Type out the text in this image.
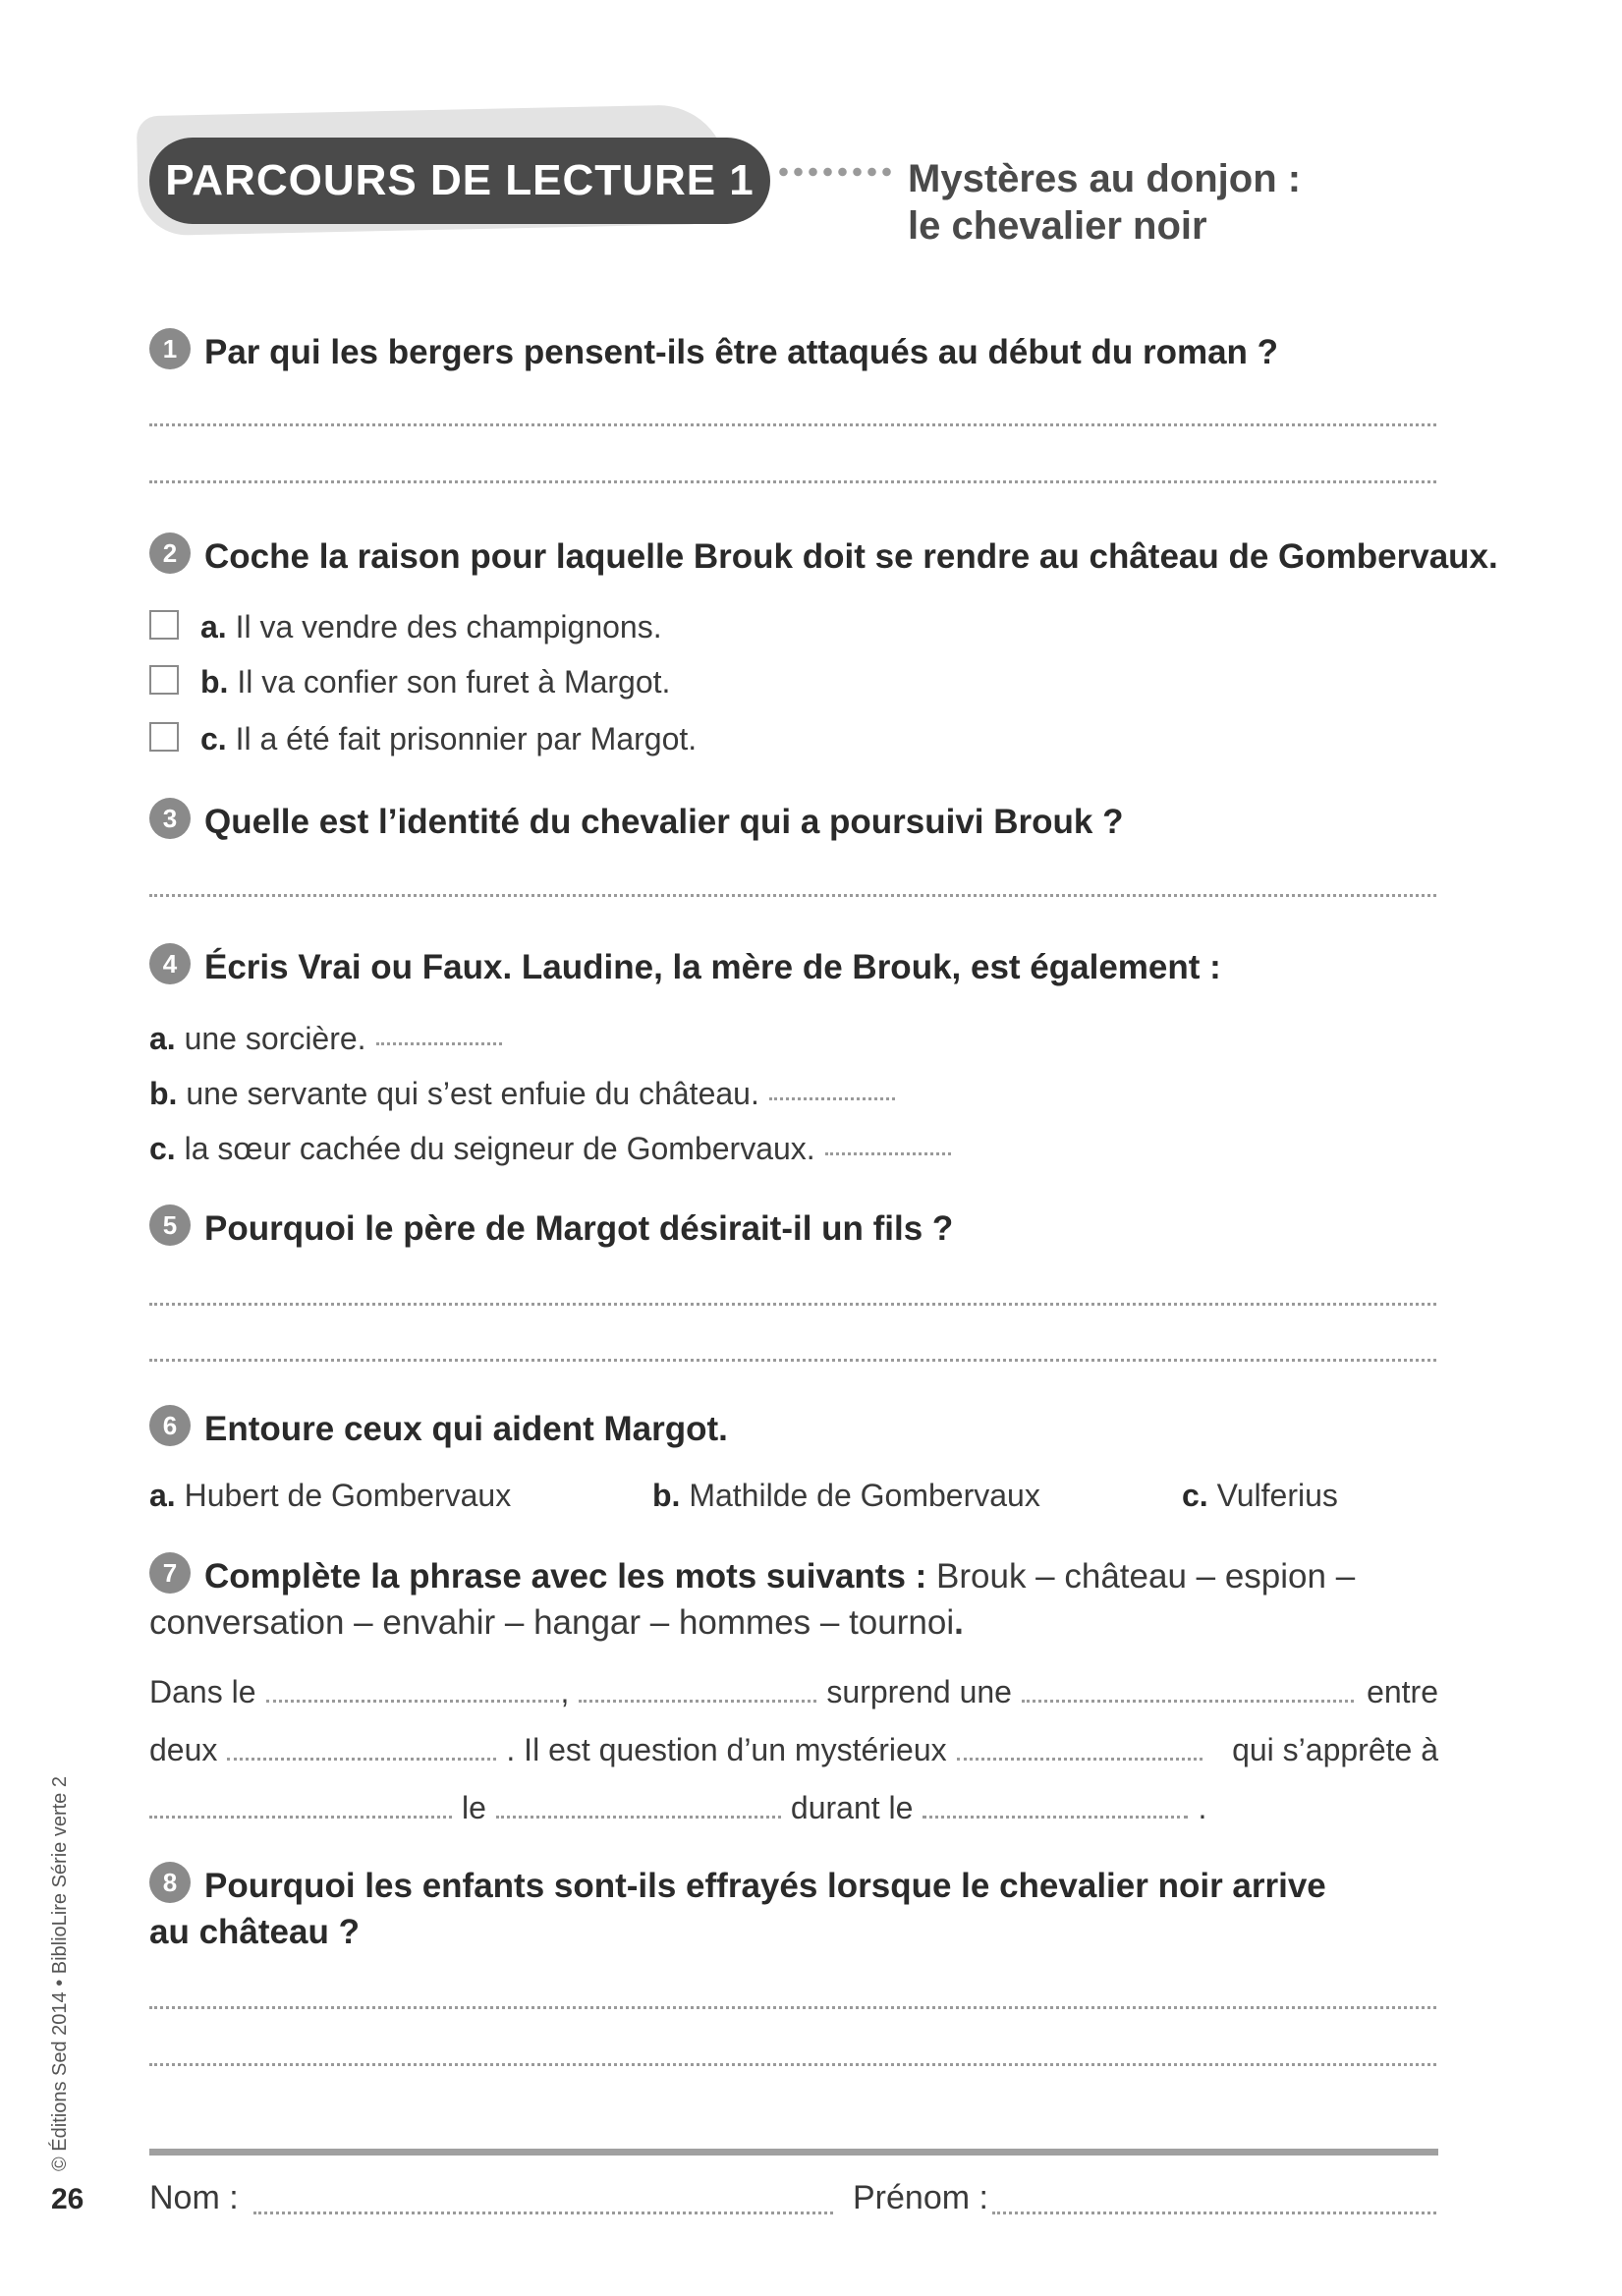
PARCOURS DE LECTURE 1	Mystères au donjon :
le chevalier noir
1 Par qui les bergers pensent-ils être attaqués au début du roman ?
2 Coche la raison pour laquelle Brouk doit se rendre au château de Gombervaux.
a. Il va vendre des champignons.
b. Il va confier son furet à Margot.
c. Il a été fait prisonnier par Margot.
3 Quelle est l’identité du chevalier qui a poursuivi Brouk ?
4 Écris Vrai ou Faux. Laudine, la mère de Brouk, est également :
a. une sorcière.
b. une servante qui s’est enfuie du château.
c. la sœur cachée du seigneur de Gombervaux.
5 Pourquoi le père de Margot désirait-il un fils ?
6 Entoure ceux qui aident Margot.
a. Hubert de Gombervaux	b. Mathilde de Gombervaux	c. Vulferius
7 Complète la phrase avec les mots suivants : Brouk – château – espion –
conversation – envahir – hangar – hommes – tournoi.
Dans le	,	surprend une	entre
deux	. Il est question d’un mystérieux	qui s’apprête à
le	durant le	.
8 Pourquoi les enfants sont-ils effrayés lorsque le chevalier noir arrive
au château ?
Nom :	Prénom :
26
© Éditions Sed 2014 • BiblioLire Série verte 2
